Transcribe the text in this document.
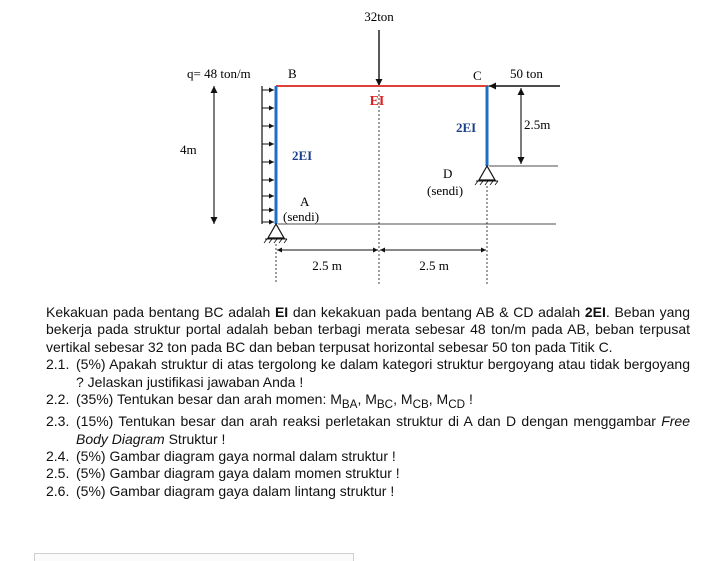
32ton
q= 48 ton/m	B	C 50 ton
EI
2EI
2EI
4m
2.5m
D
(sendi)
A
(sendi)
2.5 m	2.5 m

Kekakuan pada bentang BC adalah EI dan kekakuan pada bentang AB & CD adalah 2EI. Beban yang bekerja pada struktur portal adalah beban terbagi merata sebesar 48 ton/m pada AB, beban terpusat vertikal sebesar 32 ton pada BC dan beban terpusat horizontal sebesar 50 ton pada Titik C.

2.1. (5%) Apakah struktur di atas tergolong ke dalam kategori struktur bergoyang atau tidak bergoyang ? Jelaskan justifikasi jawaban Anda !
2.2. (35%) Tentukan besar dan arah momen: $M_{BA}$, $M_{BC}$, $M_{CB}$, $M_{CD}$ !
2.3. (15%) Tentukan besar dan arah reaksi perletakan struktur di A dan D dengan menggambar Free Body Diagram Struktur !
2.4. (5%) Gambar diagram gaya normal dalam struktur !
2.5. (5%) Gambar diagram gaya dalam momen struktur !
2.6. (5%) Gambar diagram gaya dalam lintang struktur !
